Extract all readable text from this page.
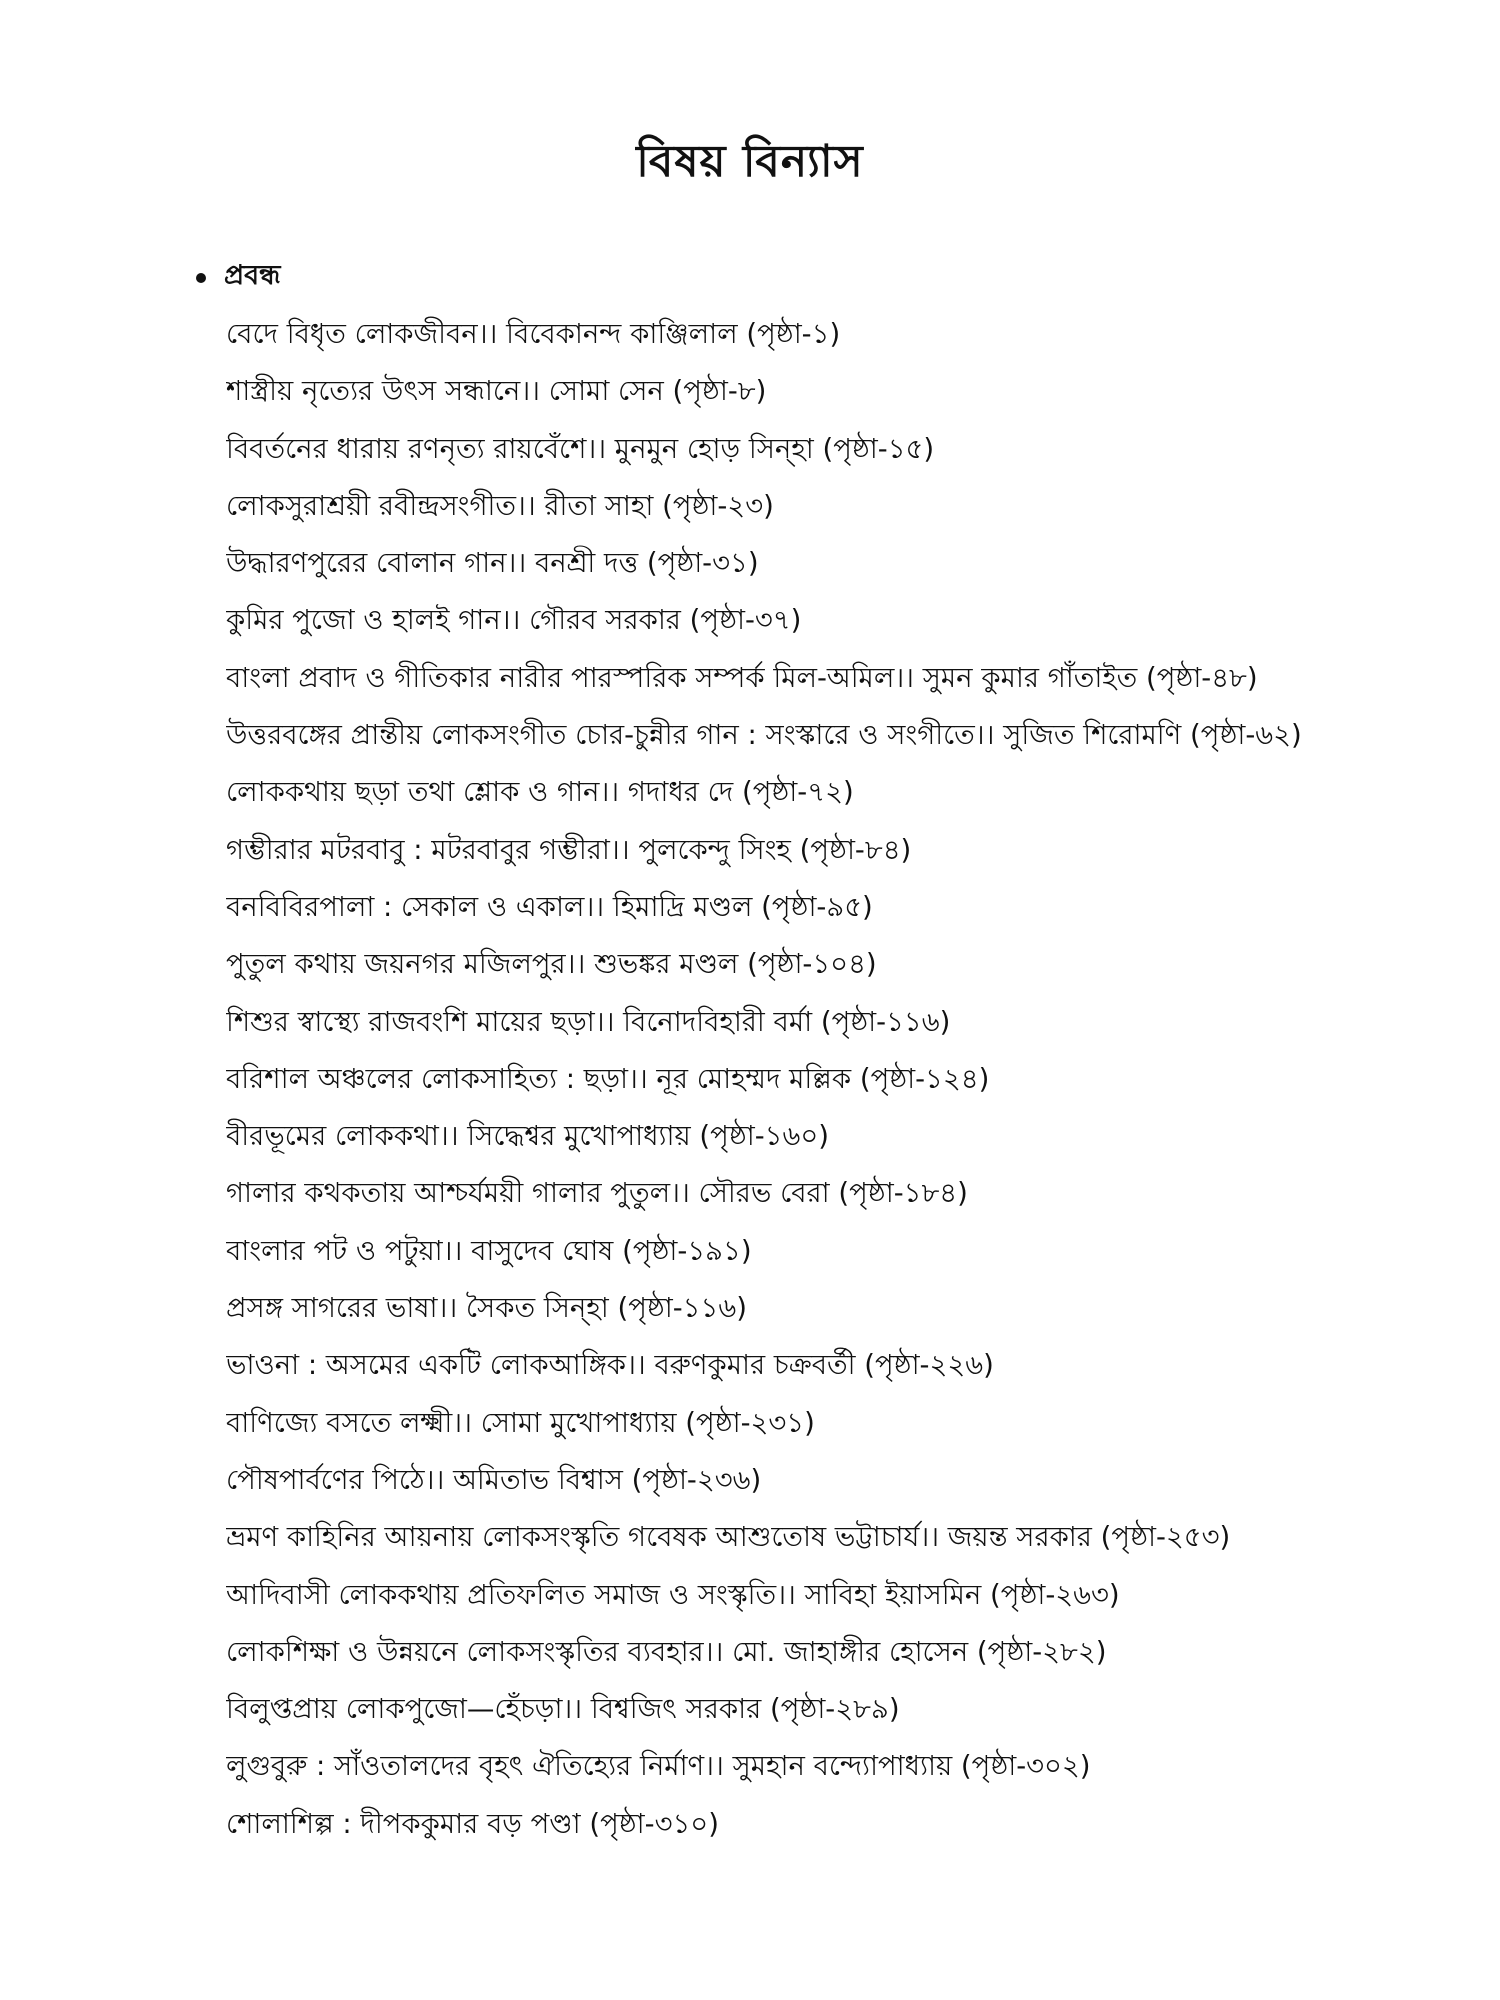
বিষয় বিন্যাস
প্রবন্ধ
বেদে বিধৃত লোকজীবন।। বিবেকানন্দ কাঞ্জিলাল (পৃষ্ঠা-১)
শাস্ত্রীয় নৃত্যের উৎস সন্ধানে।। সোমা সেন (পৃষ্ঠা-৮)
বিবর্তনের ধারায় রণনৃত্য রায়বেঁশে।। মুনমুন হোড় সিন্‌হা (পৃষ্ঠা-১৫)
লোকসুরাশ্রয়ী রবীন্দ্রসংগীত।। রীতা সাহা (পৃষ্ঠা-২৩)
উদ্ধারণপুরের বোলান গান।। বনশ্রী দত্ত (পৃষ্ঠা-৩১)
কুমির পুজো ও হালই গান।। গৌরব সরকার (পৃষ্ঠা-৩৭)
বাংলা প্রবাদ ও গীতিকার নারীর পারস্পরিক সম্পর্ক মিল-অমিল।। সুমন কুমার গাঁতাইত (পৃষ্ঠা-৪৮)
উত্তরবঙ্গের প্রান্তীয় লোকসংগীত চোর-চুন্নীর গান : সংস্কারে ও সংগীতে।। সুজিত শিরোমণি (পৃষ্ঠা-৬২)
লোককথায় ছড়া তথা শ্লোক ও গান।। গদাধর দে (পৃষ্ঠা-৭২)
গম্ভীরার মটরবাবু : মটরবাবুর গম্ভীরা।। পুলকেন্দু সিংহ (পৃষ্ঠা-৮৪)
বনবিবিরপালা : সেকাল ও একাল।। হিমাদ্রি মণ্ডল (পৃষ্ঠা-৯৫)
পুতুল কথায় জয়নগর মজিলপুর।। শুভঙ্কর মণ্ডল (পৃষ্ঠা-১০৪)
শিশুর স্বাস্থ্যে রাজবংশি মায়ের ছড়া।। বিনোদবিহারী বর্মা (পৃষ্ঠা-১১৬)
বরিশাল অঞ্চলের লোকসাহিত্য : ছড়া।। নূর মোহম্মদ মল্লিক (পৃষ্ঠা-১২৪)
বীরভূমের লোককথা।। সিদ্ধেশ্বর মুখোপাধ্যায় (পৃষ্ঠা-১৬০)
গালার কথকতায় আশ্চর্যময়ী গালার পুতুল।। সৌরভ বেরা (পৃষ্ঠা-১৮৪)
বাংলার পট ও পটুয়া।। বাসুদেব ঘোষ (পৃষ্ঠা-১৯১)
প্রসঙ্গ সাগরের ভাষা।। সৈকত সিন্‌হা (পৃষ্ঠা-১১৬)
ভাওনা : অসমের একটি লোকআঙ্গিক।। বরুণকুমার চক্রবর্তী (পৃষ্ঠা-২২৬)
বাণিজ্যে বসতে লক্ষ্মী।। সোমা মুখোপাধ্যায় (পৃষ্ঠা-২৩১)
পৌষপার্বণের পিঠে।। অমিতাভ বিশ্বাস (পৃষ্ঠা-২৩৬)
ভ্রমণ কাহিনির আয়নায় লোকসংস্কৃতি গবেষক আশুতোষ ভট্টাচার্য।। জয়ন্ত সরকার (পৃষ্ঠা-২৫৩)
আদিবাসী লোককথায় প্রতিফলিত সমাজ ও সংস্কৃতি।। সাবিহা ইয়াসমিন (পৃষ্ঠা-২৬৩)
লোকশিক্ষা ও উন্নয়নে লোকসংস্কৃতির ব্যবহার।। মো. জাহাঙ্গীর হোসেন (পৃষ্ঠা-২৮২)
বিলুপ্তপ্রায় লোকপুজো—হেঁচড়া।। বিশ্বজিৎ সরকার (পৃষ্ঠা-২৮৯)
লুগুবুরু : সাঁওতালদের বৃহৎ ঐতিহ্যের নির্মাণ।। সুমহান বন্দ্যোপাধ্যায় (পৃষ্ঠা-৩০২)
শোলাশিল্প : দীপককুমার বড় পণ্ডা (পৃষ্ঠা-৩১০)
